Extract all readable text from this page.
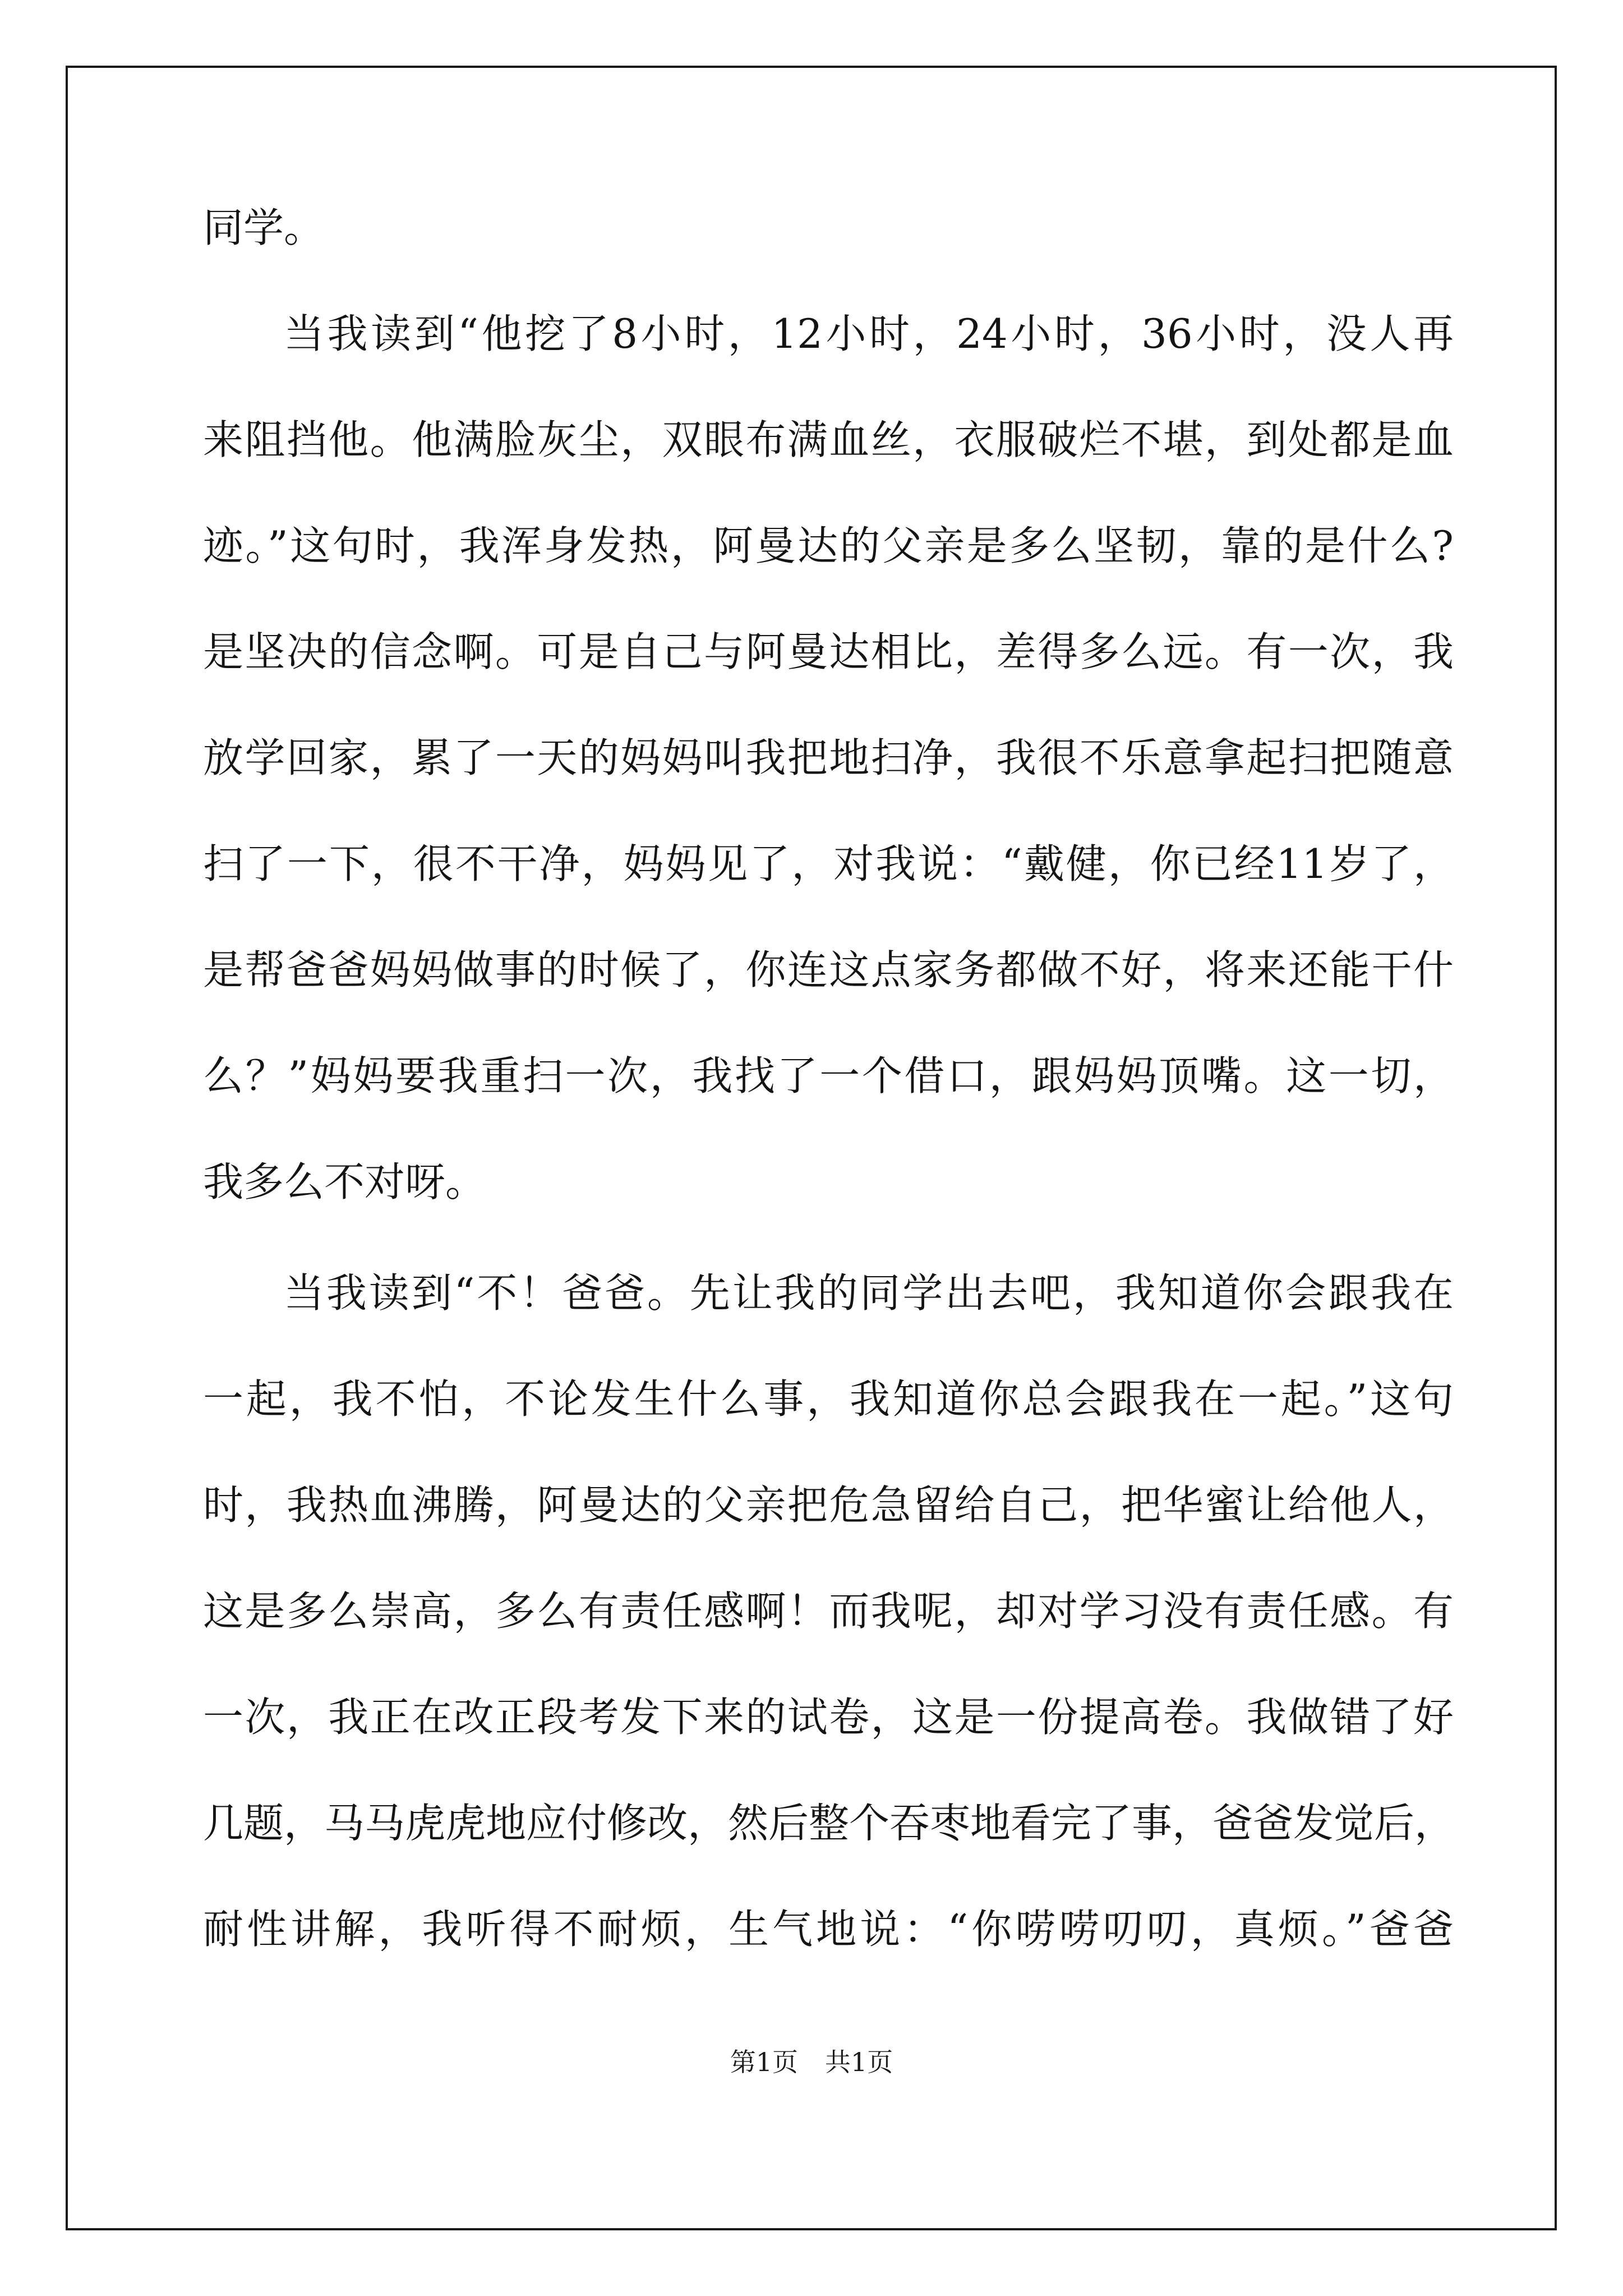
同学。
当我读到“他挖了8小时，12小时，24小时，36小时，没人再
来阻挡他。他满脸灰尘，双眼布满血丝，衣服破烂不堪，到处都是血
迹。”这句时，我浑身发热，阿曼达的父亲是多么坚韧，靠的是什么?
是坚决的信念啊。可是自己与阿曼达相比，差得多么远。有一次，我
放学回家，累了一天的妈妈叫我把地扫净，我很不乐意拿起扫把随意
扫了一下，很不干净，妈妈见了，对我说：“戴健，你已经11岁了，
是帮爸爸妈妈做事的时候了，你连这点家务都做不好，将来还能干什
么？”妈妈要我重扫一次，我找了一个借口，跟妈妈顶嘴。这一切，
我多么不对呀。
当我读到“不！爸爸。先让我的同学出去吧，我知道你会跟我在
一起，我不怕，不论发生什么事，我知道你总会跟我在一起。”这句
时，我热血沸腾，阿曼达的父亲把危急留给自己，把华蜜让给他人，
这是多么崇高，多么有责任感啊！而我呢，却对学习没有责任感。有
一次，我正在改正段考发下来的试卷，这是一份提高卷。我做错了好
几题，马马虎虎地应付修改，然后整个吞枣地看完了事，爸爸发觉后，
耐性讲解，我听得不耐烦，生气地说：“你唠唠叨叨，真烦。”爸爸
第1页 共1页
